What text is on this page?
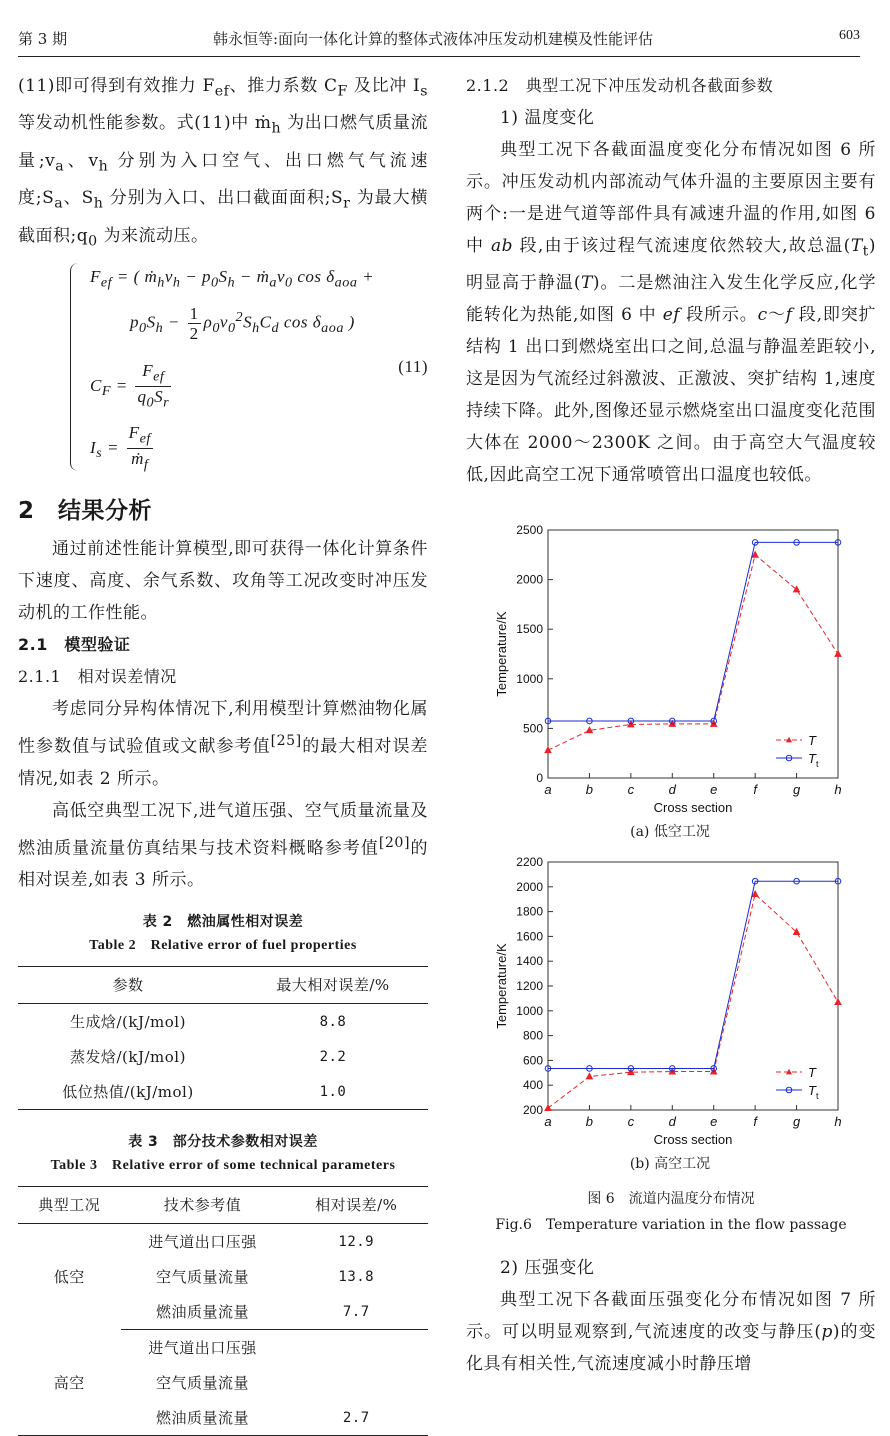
第 3 期	韩永恒等:面向一体化计算的整体式液体冲压发动机建模及性能评估	603

(11)即可得到有效推力 $F_{ef}$、推力系数 $C_F$ 及比冲 $I_s$ 等发动机性能参数。式(11)中 ṁ$_h$ 为出口燃气质量流量$;v_a$、$v_h$ 分别为入口空气、出口燃气气流速度$;S_a$、$S_h$ 分别为入口、出口截面面积$;S_r$ 为最大横截面积$;q_0$ 为来流动压。

$F_{ef}$ = ( $ṁ_hv_h - p_0S_h$ − $ṁ_av_0$ $\cos \delta_{aoa}$ +
$p_0S_h - \frac{1}{2} \rho_0v_0^2S_hC_d$ $\cos \delta_{aoa}$ )
$C_F = \frac{F_{ef}}{q_0S_r}$
$I_s = \frac{F_{ef}}{ṁ_f}$
(11)
2　结果分析

通过前述性能计算模型,即可获得一体化计算条件下速度、高度、余气系数、攻角等工况改变时冲压发动机的工作性能。

2.1　模型验证
2.1.1　相对误差情况

考虑同分异构体情况下,利用模型计算燃油物化属性参数值与试验值或文献参考值[25]的最大相对误差情况,如表 2 所示。

高低空典型工况下,进气道压强、空气质量流量及燃油质量流量仿真结果与技术资料概略参考值[20]的相对误差,如表 3 所示。

表 2　燃油属性相对误差
Table 2　Relative error of fuel properties
参数	最大相对误差/%
生成焓/(kJ/mol)	8.8
蒸发焓/(kJ/mol)	2.2
低位热值/(kJ/mol)	1.0
表 3　部分技术参数相对误差
Table 3　Relative error of some technical parameters
典型工况	技术参考值	相对误差/%
低空	进气道出口压强	12.9
	空气质量流量	13.8
	燃油质量流量	7.7
高空	进气道出口压强	
	空气质量流量	
	燃油质量流量	2.7
2.1.2　典型工况下冲压发动机各截面参数

1) 温度变化

典型工况下各截面温度变化分布情况如图 6 所示。冲压发动机内部流动气体升温的主要原因主要有两个:一是进气道等部件具有减速升温的作用,如图 6 中 ab 段,由于该过程气流速度依然较大,故总温$(T_t)$明显高于静温(T)。二是燃油注入发生化学反应,化学能转化为热能,如图 6 中 ef 段所示。c～f 段,即突扩结构 1 出口到燃烧室出口之间,总温与静温差距较小,这是因为气流经过斜激波、正激波、突扩结构 1,速度持续下降。此外,图像还显示燃烧室出口温度变化范围大体在 2000～2300K 之间。由于高空大气温度较低,因此高空工况下通常喷管出口温度也较低。

0
500
1000
1500
2000
2500
a	b	c	d	e	f	g	h
Cross section
Temperature/K
T
$T_t$
(a) 低空工况
200
400
600
800
1000
1200
1400
1600
1800
2000
2200
a	b	c	d	e	f	g	h
Cross section
Temperature/K
T
$T_t$
(b) 高空工况
图 6　流道内温度分布情况
Fig.6　Temperature variation in the flow passage

2) 压强变化

典型工况下各截面压强变化分布情况如图 7 所示。可以明显观察到,气流速度的改变与静压(p)的变化具有相关性,气流速度减小时静压增
